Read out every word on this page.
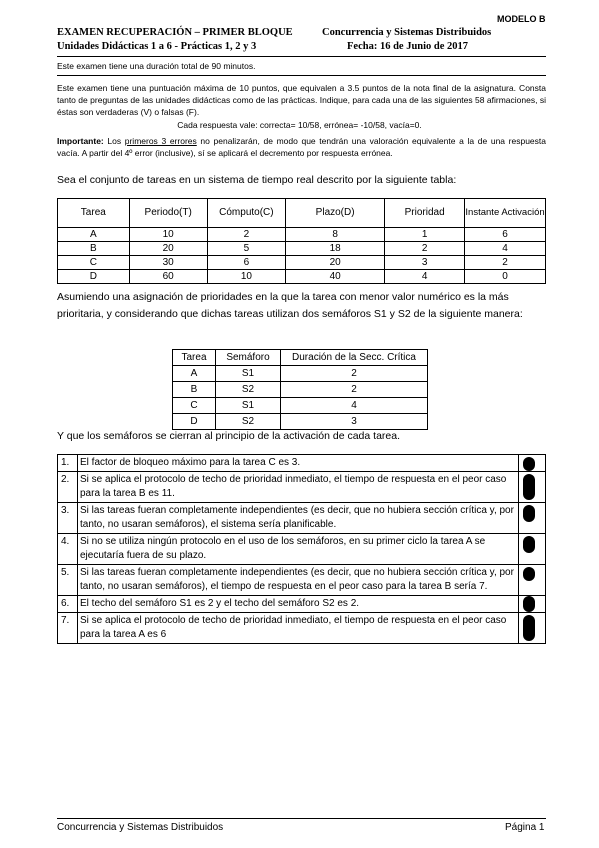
MODELO B
EXAMEN RECUPERACIÓN – PRIMER BLOQUE	Concurrencia y Sistemas Distribuidos
Unidades Didácticas 1 a 6 - Prácticas 1, 2 y 3	Fecha: 16 de Junio de 2017
Este examen tiene una duración total de 90 minutos.
Este examen tiene una puntuación máxima de 10 puntos, que equivalen a 3.5 puntos de la nota final de la asignatura. Consta tanto de preguntas de las unidades didácticas como de las prácticas. Indique, para cada una de las siguientes 58 afirmaciones, si éstas son verdaderas (V) o falsas (F).
Cada respuesta vale: correcta= 10/58, errónea= -10/58, vacía=0.
Importante: Los primeros 3 errores no penalizarán, de modo que tendrán una valoración equivalente a la de una respuesta vacía. A partir del 4º error (inclusive), sí se aplicará el decremento por respuesta errónea.
Sea el conjunto de tareas en un sistema de tiempo real descrito por la siguiente tabla:
Tarea	Periodo(T)	Cómputo(C)	Plazo(D)	Prioridad	Instante Activación
A	10	2	8	1	6
B	20	5	18	2	4
C	30	6	20	3	2
D	60	10	40	4	0
Asumiendo una asignación de prioridades en la que la tarea con menor valor numérico es la más prioritaria, y considerando que dichas tareas utilizan dos semáforos S1 y S2 de la siguiente manera:
Tarea	Semáforo	Duración de la Secc. Crítica
A	S1	2
B	S2	2
C	S1	4
D	S2	3
Y que los semáforos se cierran al principio de la activación de cada tarea.
1.	El factor de bloqueo máximo para la tarea C es 3.	

2.	Si se aplica el protocolo de techo de prioridad inmediato, el tiempo de respuesta en el peor caso para la tarea B es 11.	

3.	Si las tareas fueran completamente independientes (es decir, que no hubiera sección crítica y, por tanto, no usaran semáforos), el sistema sería planificable.	

4.	Si no se utiliza ningún protocolo en el uso de los semáforos, en su primer ciclo la tarea A se ejecutaría fuera de su plazo.	

5.	Si las tareas fueran completamente independientes (es decir, que no hubiera sección crítica y, por tanto, no usaran semáforos), el tiempo de respuesta en el peor caso para la tarea B sería 7.	

6.	El techo del semáforo S1 es 2 y el techo del semáforo S2 es 2.	

7.	Si se aplica el protocolo de techo de prioridad inmediato, el tiempo de respuesta en el peor caso para la tarea A es 6	
Concurrencia y Sistemas Distribuidos	Página 1
